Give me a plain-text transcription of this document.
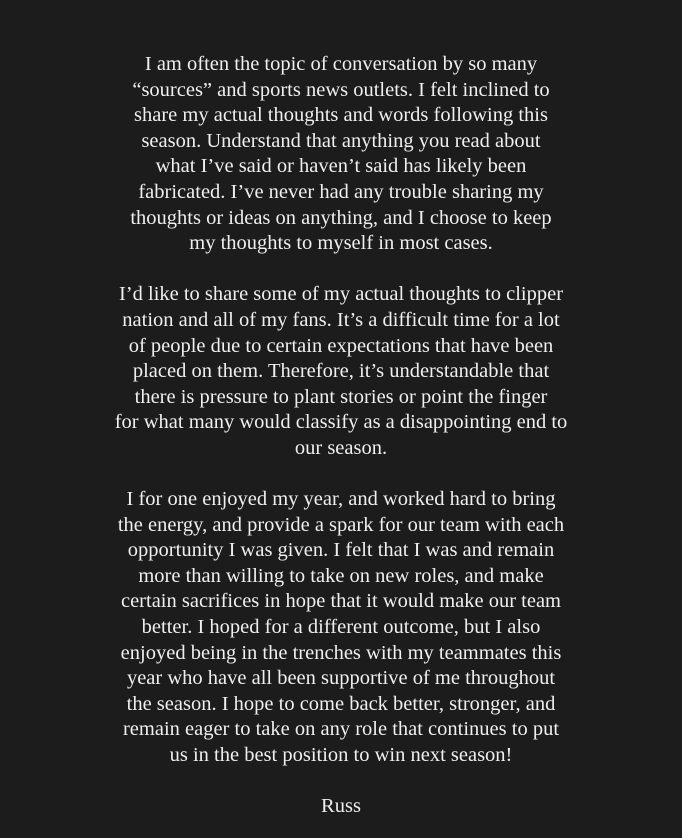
I am often the topic of conversation by so many
“sources” and sports news outlets. I felt inclined to
share my actual thoughts and words following this
season. Understand that anything you read about
what I’ve said or haven’t said has likely been
fabricated. I’ve never had any trouble sharing my
thoughts or ideas on anything, and I choose to keep
my thoughts to myself in most cases.
I’d like to share some of my actual thoughts to clipper
nation and all of my fans. It’s a difficult time for a lot
of people due to certain expectations that have been
placed on them. Therefore, it’s understandable that
there is pressure to plant stories or point the finger
for what many would classify as a disappointing end to
our season.
I for one enjoyed my year, and worked hard to bring
the energy, and provide a spark for our team with each
opportunity I was given. I felt that I was and remain
more than willing to take on new roles, and make
certain sacrifices in hope that it would make our team
better. I hoped for a different outcome, but I also
enjoyed being in the trenches with my teammates this
year who have all been supportive of me throughout
the season. I hope to come back better, stronger, and
remain eager to take on any role that continues to put
us in the best position to win next season!
Russ
